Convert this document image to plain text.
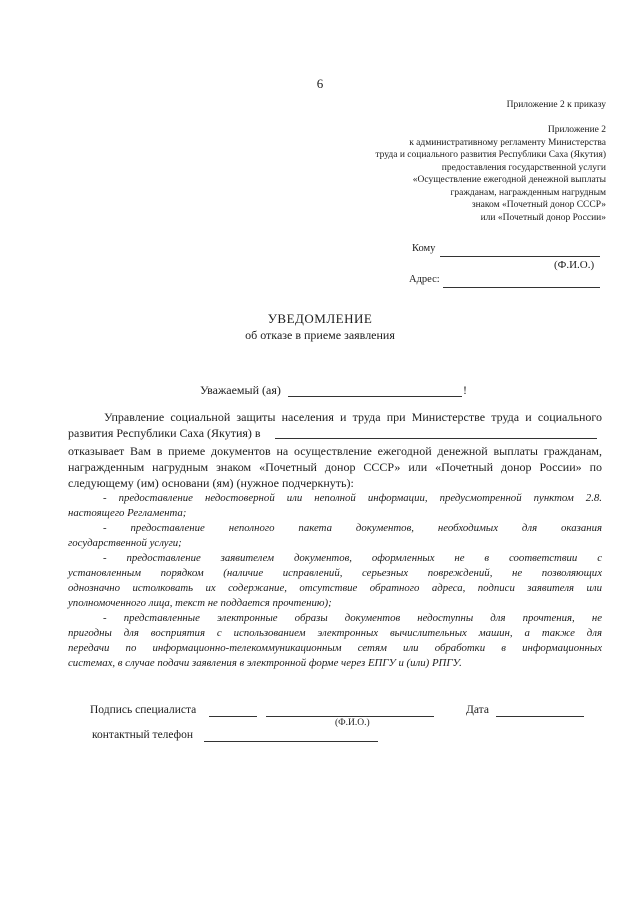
6
Приложение 2 к приказу
Приложение 2
к административному регламенту Министерства
труда и социального развития Республики Саха (Якутия)
предоставления государственной услуги
«Осуществление ежегодной денежной выплаты
гражданам, награжденным нагрудным
знаком «Почетный донор СССР»
или «Почетный донор России»
Кому
(Ф.И.О.)
Адрес:
УВЕДОМЛЕНИЕ
об отказе в приеме заявления
Уважаемый (ая)	!
Управление социальной защиты населения и труда при Министерстве труда и социального
развития Республики Саха (Якутия) в
отказывает Вам в приеме документов на осуществление ежегодной денежной выплаты гражданам,
награжденным нагрудным знаком «Почетный донор СССР» или «Почетный донор России» по
следующему (им) основани (ям) (нужное подчеркнуть):
- предоставление недостоверной или неполной информации, предусмотренной пунктом 2.8.
настоящего Регламента;
- предоставление неполного пакета документов, необходимых для оказания
государственной услуги;
- предоставление заявителем документов, оформленных не в соответствии с
установленным порядком (наличие исправлений, серьезных повреждений, не позволяющих
однозначно истолковать их содержание, отсутствие обратного адреса, подписи заявителя или
уполномоченного лица, текст не поддается прочтению);
- представленные электронные образы документов недоступны для прочтения, не
пригодны для восприятия с использованием электронных вычислительных машин, а также для
передачи по информационно-телекоммуникационным сетям или обработки в информационных
системах, в случае подачи заявления в электронной форме через ЕПГУ и (или) РПГУ.
Подпись специалиста
(Ф.И.О.)
Дата
контактный телефон
